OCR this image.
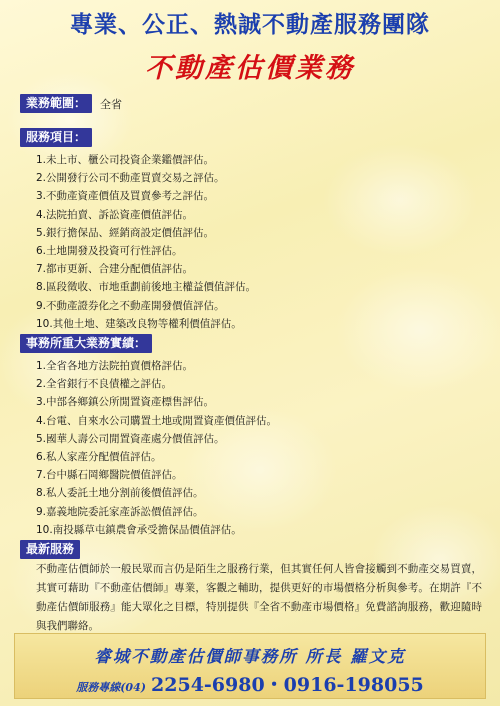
專業、公正、熱誠不動產服務團隊
不動產估價業務
業務範圍：	全省
服務項目：
1.未上市、櫃公司投資企業鑑價評估。
2.公開發行公司不動產買賣交易之評估。
3.不動產資產價值及買賣參考之評估。
4.法院拍賣、訴訟資產價值評估。
5.銀行擔保品、經銷商設定價值評估。
6.土地開發及投資可行性評估。
7.都市更新、合建分配價值評估。
8.區段徵收、市地重劃前後地主權益價值評估。
9.不動產證券化之不動產開發價值評估。
10.其他土地、建築改良物等權利價值評估。
事務所重大業務實績：
1.全省各地方法院拍賣價格評估。
2.全省銀行不良債權之評估。
3.中部各鄉鎮公所閒置資產標售評估。
4.台電、自來水公司購置土地或閒置資產價值評估。
5.國華人壽公司閒置資產處分價值評估。
6.私人家產分配價值評估。
7.台中縣石岡鄉醫院價值評估。
8.私人委託土地分割前後價值評估。
9.嘉義地院委託家產訴訟價值評估。
10.南投縣草屯鎮農會承受擔保品價值評估。
最新服務
不動產估價師於一般民眾而言仍是陌生之服務行業，但其實任何人皆會接觸到不動產交易買賣，其實可藉助『不動產估價師』專業，客觀之輔助，提供更好的市場價格分析與參考。在期許『不動產估價師服務』能大眾化之目標，特別提供『全省不動產市場價格』免費諮詢服務，歡迎隨時與我們聯絡。
睿城不動產估價師事務所 所長 羅文克
服務專線(04) 2254-6980・0916-198055
